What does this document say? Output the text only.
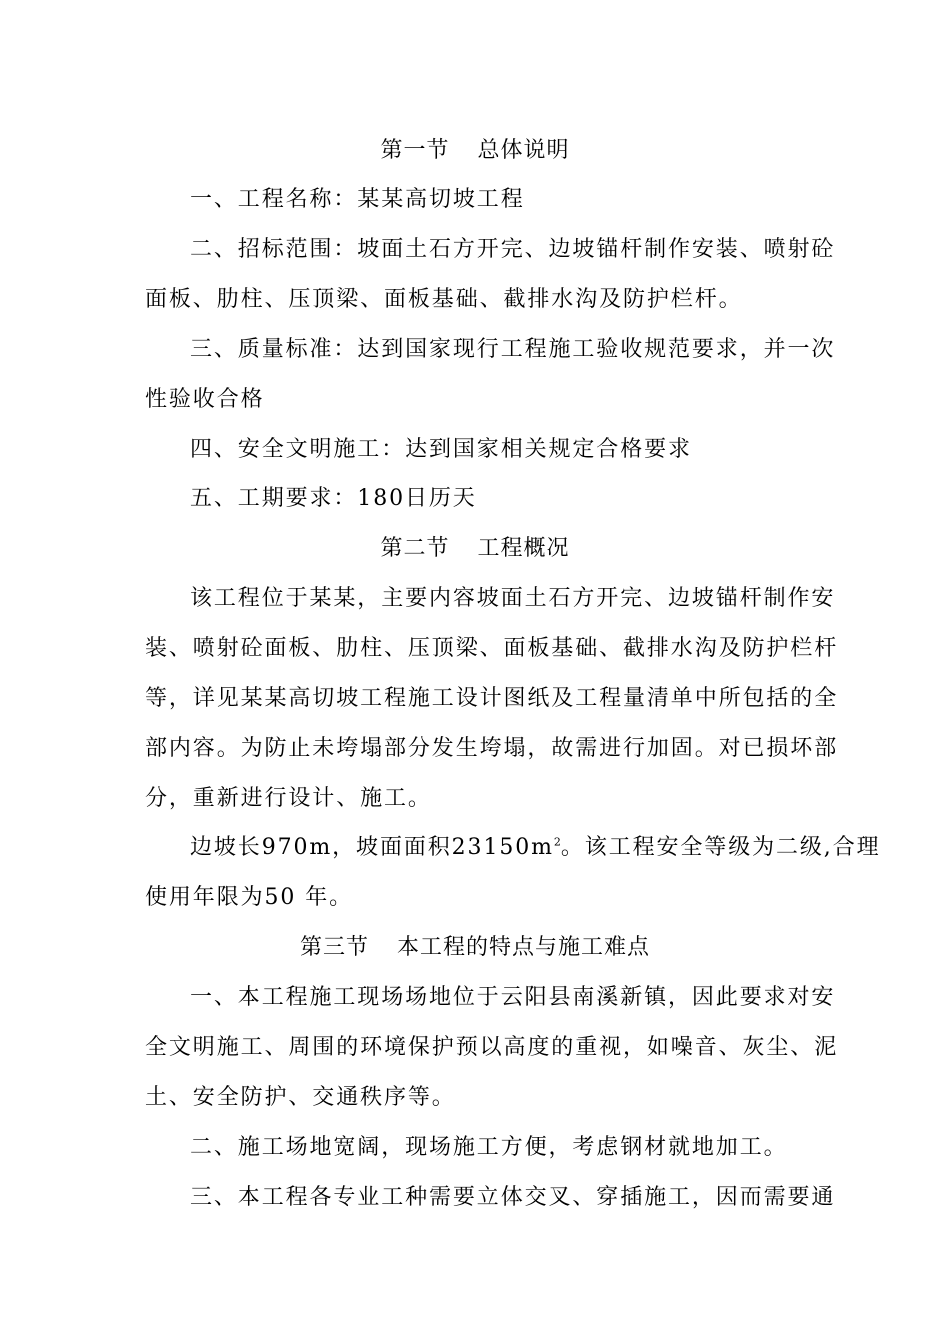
第一节 总体说明
一、工程名称：某某高切坡工程
二、招标范围：坡面土石方开完、边坡锚杆制作安装、喷射砼
面板、肋柱、压顶梁、面板基础、截排水沟及防护栏杆。
三、质量标准：达到国家现行工程施工验收规范要求，并一次
性验收合格
四、安全文明施工：达到国家相关规定合格要求
五、工期要求：180日历天
第二节 工程概况
该工程位于某某，主要内容坡面土石方开完、边坡锚杆制作安
装、喷射砼面板、肋柱、压顶梁、面板基础、截排水沟及防护栏杆
等，详见某某高切坡工程施工设计图纸及工程量清单中所包括的全
部内容。为防止未垮塌部分发生垮塌，故需进行加固。对已损坏部
分，重新进行设计、施工。
边坡长970m，坡面面积$23150m^2$。该工程安全等级为二级,合理
使用年限为50 年。
第三节 本工程的特点与施工难点
一、本工程施工现场场地位于云阳县南溪新镇，因此要求对安
全文明施工、周围的环境保护预以高度的重视，如噪音、灰尘、泥
土、安全防护、交通秩序等。
二、施工场地宽阔，现场施工方便，考虑钢材就地加工。
三、本工程各专业工种需要立体交叉、穿插施工，因而需要通
